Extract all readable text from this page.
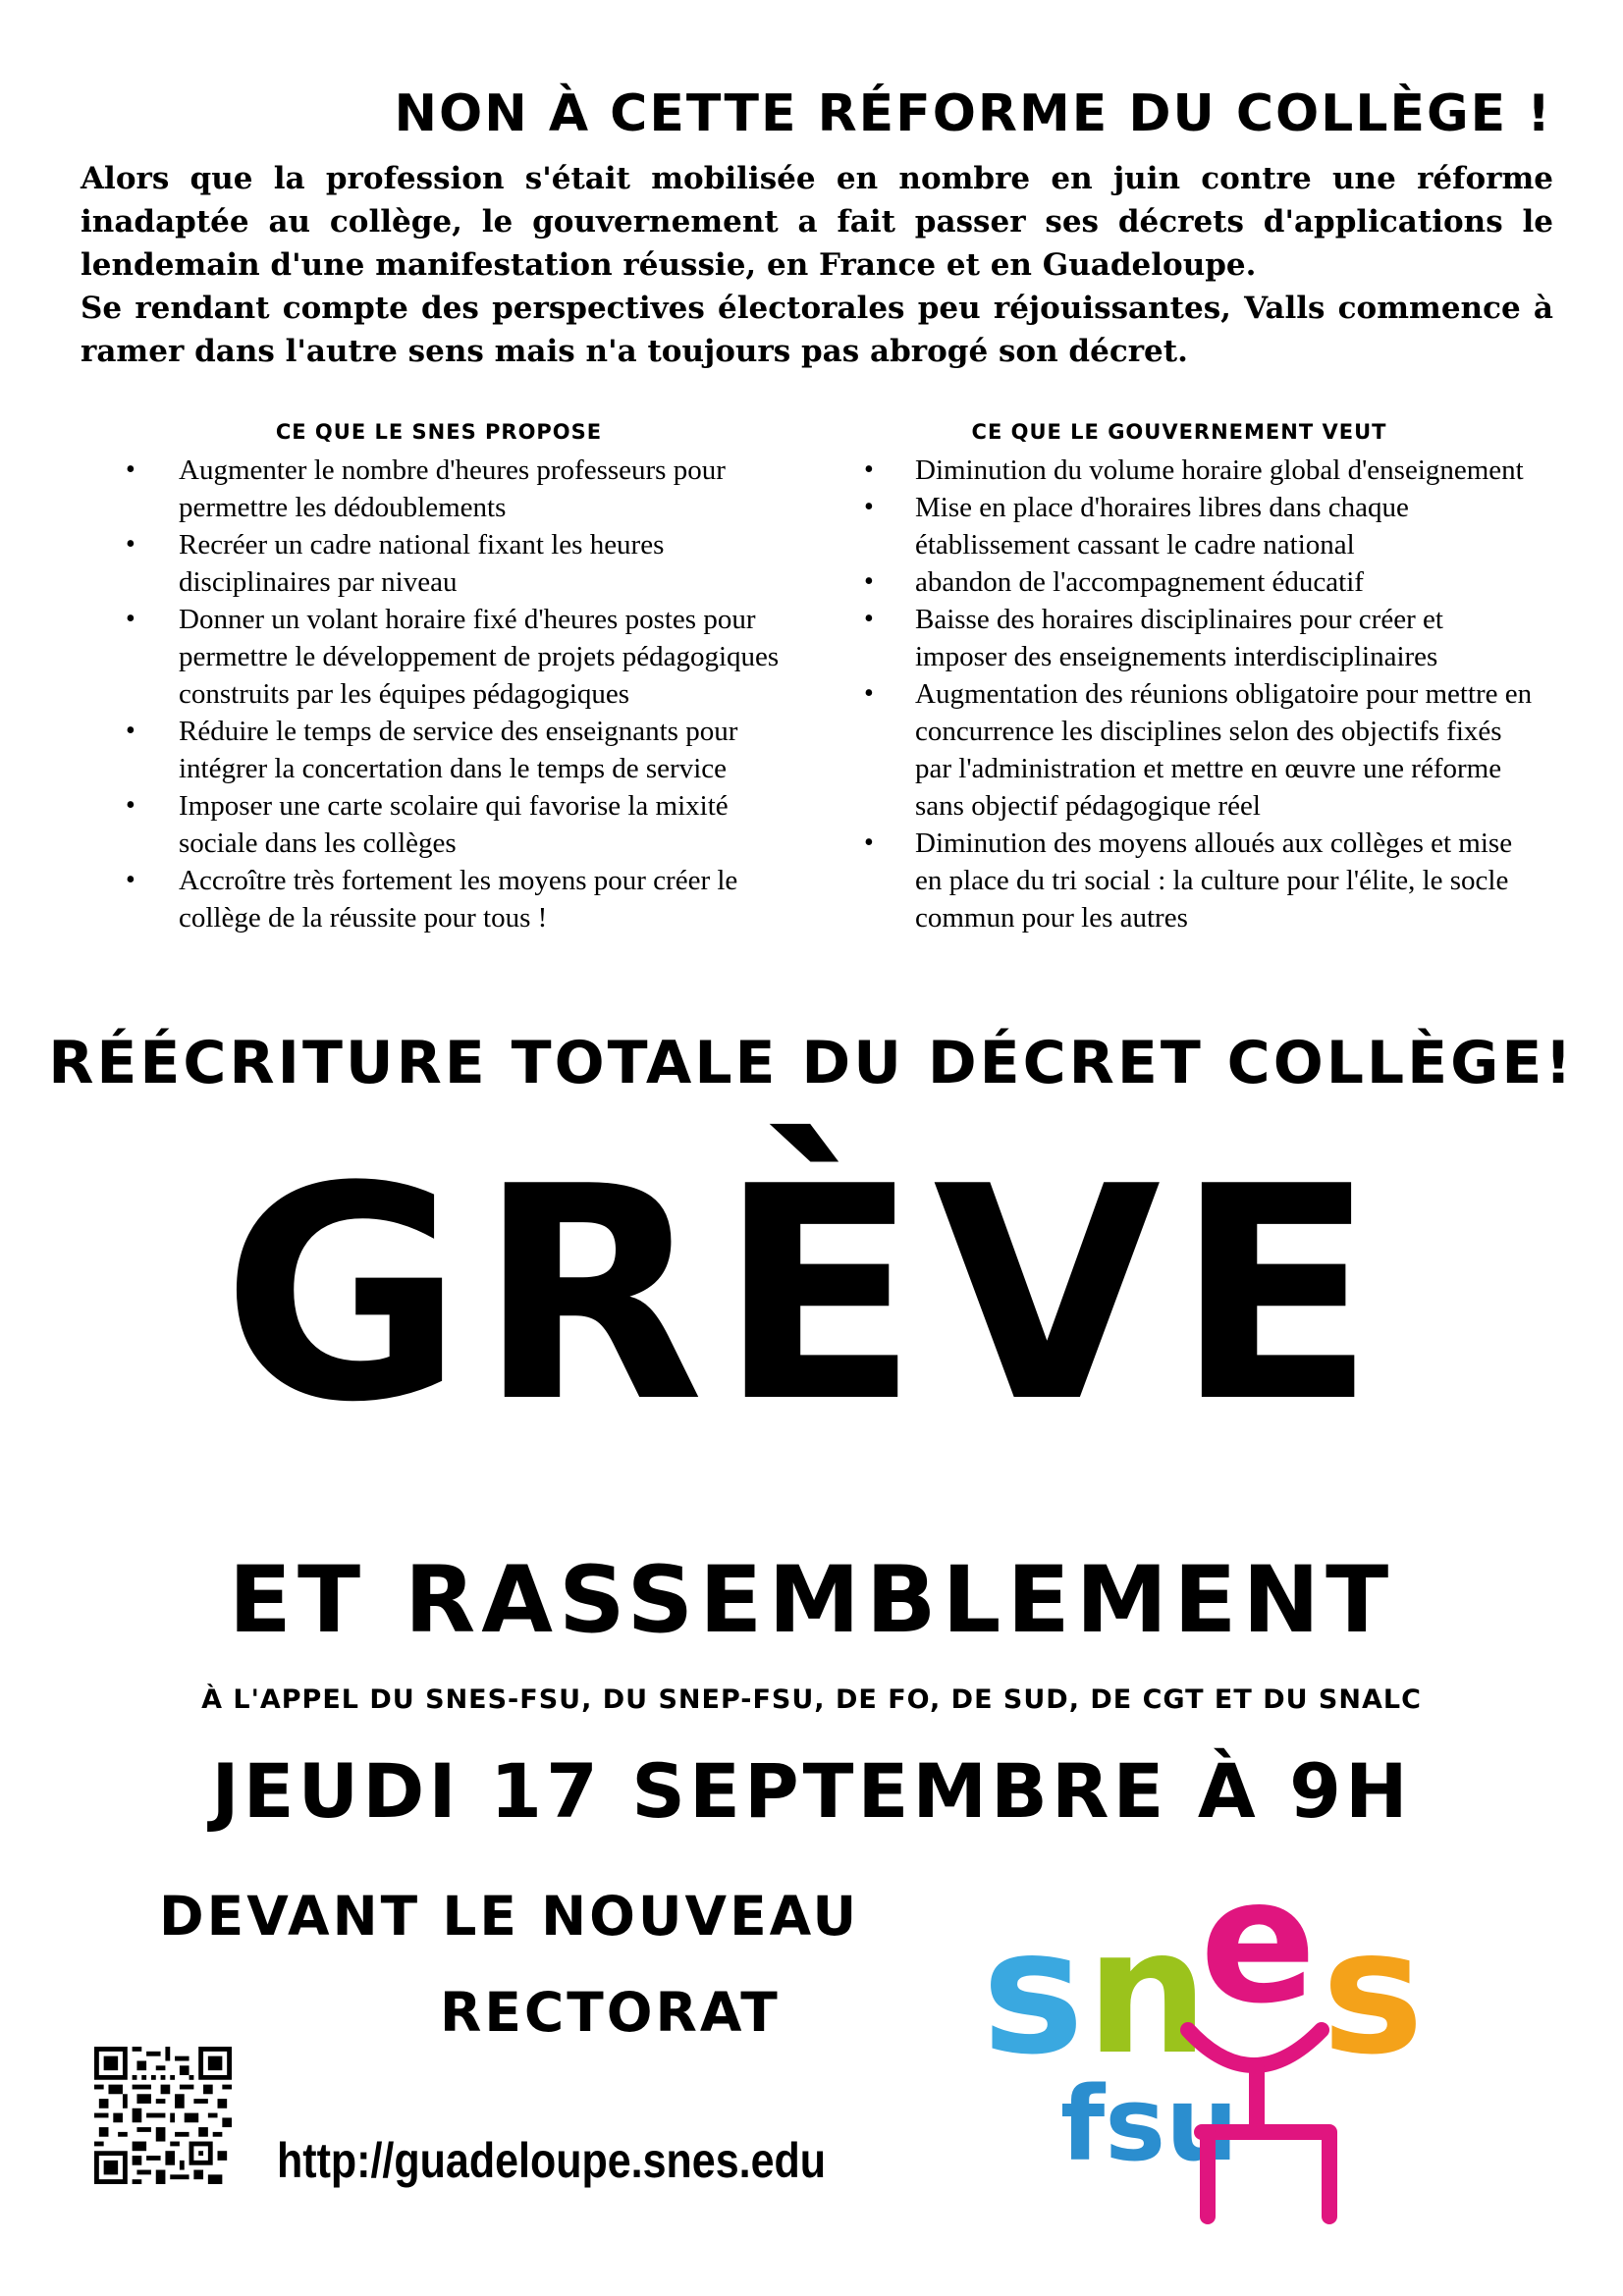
NON À CETTE RÉFORME DU COLLÈGE !

Alors que la profession s'était mobilisée en nombre en juin contre une réforme inadaptée au collège, le gouvernement a fait passer ses décrets d'applications le lendemain d'une manifestation réussie, en France et en Guadeloupe.

Se rendant compte des perspectives électorales peu réjouissantes, Valls commence à ramer dans l'autre sens mais n'a toujours pas abrogé son décret.

CE QUE LE SNES PROPOSE
• Augmenter le nombre d'heures professeurs pour permettre les dédoublements
• Recréer un cadre national fixant les heures disciplinaires par niveau
• Donner un volant horaire fixé d'heures postes pour permettre le développement de projets pédagogiques construits par les équipes pédagogiques
• Réduire le temps de service des enseignants pour intégrer la concertation dans le temps de service
• Imposer une carte scolaire qui favorise la mixité sociale dans les collèges
• Accroître très fortement les moyens pour créer le collège de la réussite pour tous !
CE QUE LE GOUVERNEMENT VEUT
• Diminution du volume horaire global d'enseignement
• Mise en place d'horaires libres dans chaque établissement cassant le cadre national
• abandon de l'accompagnement éducatif
• Baisse des horaires disciplinaires pour créer et imposer des enseignements interdisciplinaires
• Augmentation des réunions obligatoire pour mettre en concurrence les disciplines selon des objectifs fixés par l'administration et mettre en œuvre une réforme sans objectif pédagogique réel
• Diminution des moyens alloués aux collèges et mise en place du tri social : la culture pour l'élite, le socle commun pour les autres
RÉÉCRITURE TOTALE DU DÉCRET COLLÈGE!
GRÈVE
ET RASSEMBLEMENT
À L'APPEL DU SNES-FSU, DU SNEP-FSU, DE FO, DE SUD, DE CGT ET DU SNALC
JEUDI 17 SEPTEMBRE À 9H
DEVANT LE NOUVEAU
RECTORAT
http://guadeloupe.snes.edu
s n
e s
fsu
